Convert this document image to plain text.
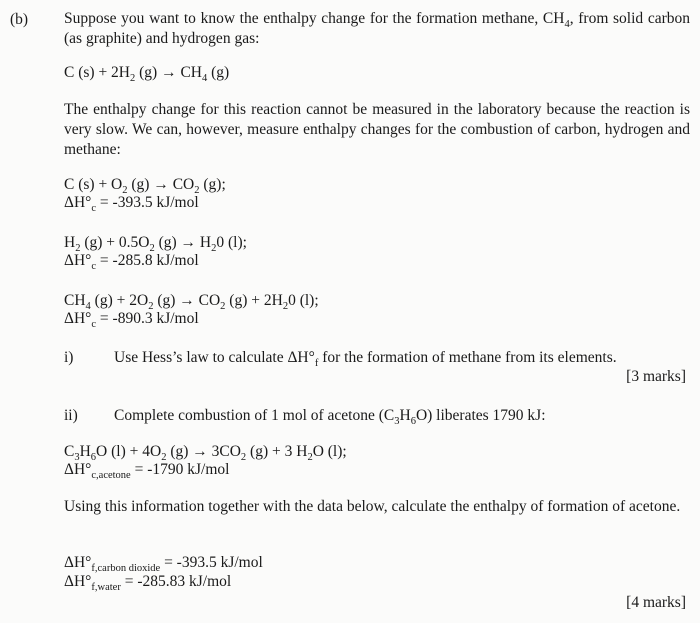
(b) Suppose you want to know the enthalpy change for the formation methane, $CH_4$, from solid carbon (as graphite) and hydrogen gas:
C $(s) + 2H_2$ $(g) \to CH_4$ (g)
The enthalpy change for this reaction cannot be measured in the laboratory because the reaction is very slow. We can, however, measure enthalpy changes for the combustion of carbon, hydrogen and methane:
C $(s) + O_2$ $(g) \to CO_2$ (g);
$\Delta H^\circ_c = -393.5$ kJ/mol
$H_2$ $(g) + 0.5O_2$ $(g) \to H_20$ (l);
$\Delta H^\circ_c = -285.8$ kJ/mol
$CH_4$ $(g) + 2O_2$ $(g) \to CO_2$ $(g) + 2H_20$ (l);
$\Delta H^\circ_c = -890.3$ kJ/mol
i)	Use Hess’s law to calculate $\Delta H^\circ_f$ for the formation of methane from its elements.
[3 marks]
ii) Complete combustion of 1 mol of acetone $(C_3H_6O)$ liberates 1790 kJ:
$C_3H_6O$ $(l) + 4O_2$ $(g) \to 3CO_2$ (g) + 3 $H_2O$ (l);
$\Delta H^\circ_{c,acetone} = -1790$ kJ/mol
Using this information together with the data below, calculate the enthalpy of formation of acetone.
$\Delta H^\circ_{f,carbon dioxide} = -393.5$ kJ/mol
$\Delta H^\circ_{f,water} = -285.83$ kJ/mol
[4 marks]
